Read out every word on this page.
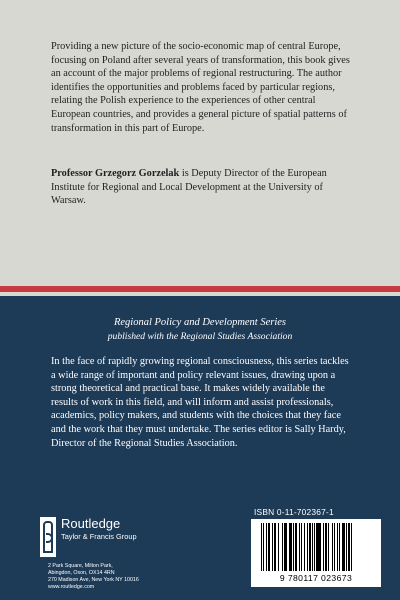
Providing a new picture of the socio-economic map of central Europe, focusing on Poland after several years of transformation, this book gives an account of the major problems of regional restructuring. The author identifies the opportunities and problems faced by particular regions, relating the Polish experience to the experiences of other central European countries, and provides a general picture of spatial patterns of transformation in this part of Europe.

Professor Grzegorz Gorzelak is Deputy Director of the European Institute for Regional and Local Development at the University of Warsaw.

Regional Policy and Development Series
published with the Regional Studies Association

In the face of rapidly growing regional consciousness, this series tackles a wide range of important and policy relevant issues, drawing upon a strong theoretical and practical base. It makes widely available the results of work in this field, and will inform and assist professionals, academics, policy makers, and students with the choices that they face and the work that they must undertake. The series editor is Sally Hardy, Director of the Regional Studies Association.

ISBN 0-11-702367-1
9 780117 023673
Routledge
Taylor & Francis Group
2 Park Square, Milton Park,
Abingdon, Oxon, OX14 4RN
270 Madison Ave, New York NY 10016
www.routledge.com
